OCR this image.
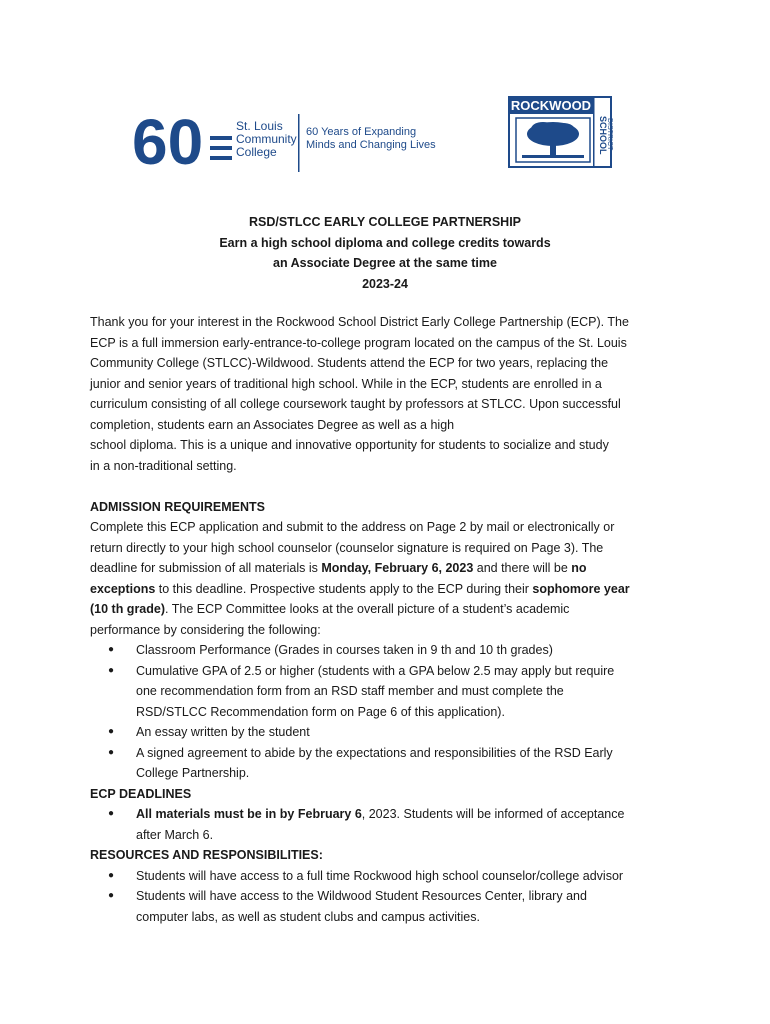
60	St. Louis
Community
College
60 Years of Expanding
Minds and Changing Lives
ROCKWOOD
SCHOOL
DISTRICT
RSD/STLCC EARLY COLLEGE PARTNERSHIP
Earn a high school diploma and college credits towards
an Associate Degree at the same time
2023-24

Thank you for your interest in the Rockwood School District Early College Partnership (ECP). The

ECP is a full immersion early-entrance-to-college program located on the campus of the St. Louis

Community College (STLCC)-Wildwood. Students attend the ECP for two years, replacing the

junior and senior years of traditional high school. While in the ECP, students are enrolled in a

curriculum consisting of all college coursework taught by professors at STLCC. Upon successful

completion, students earn an Associates Degree as well as a high

school diploma. This is a unique and innovative opportunity for students to socialize and study

in a non-traditional setting.

ADMISSION REQUIREMENTS

Complete this ECP application and submit to the address on Page 2 by mail or electronically or

return directly to your high school counselor (counselor signature is required on Page 3). The

deadline for submission of all materials is Monday, February 6, 2023 and there will be no

exceptions to this deadline. Prospective students apply to the ECP during their sophomore year

(10 th grade). The ECP Committee looks at the overall picture of a student’s academic

performance by considering the following:

● Classroom Performance (Grades in courses taken in 9 th and 10 th grades)
● Cumulative GPA of 2.5 or higher (students with a GPA below 2.5 may apply but require
one recommendation form from an RSD staff member and must complete the
RSD/STLCC Recommendation form on Page 6 of this application).
● An essay written by the student
● A signed agreement to abide by the expectations and responsibilities of the RSD Early
College Partnership.
ECP DEADLINES
● All materials must be in by February 6, 2023. Students will be informed of acceptance
after March 6.
RESOURCES AND RESPONSIBILITIES:
● Students will have access to a full time Rockwood high school counselor/college advisor
● Students will have access to the Wildwood Student Resources Center, library and
computer labs, as well as student clubs and campus activities.
